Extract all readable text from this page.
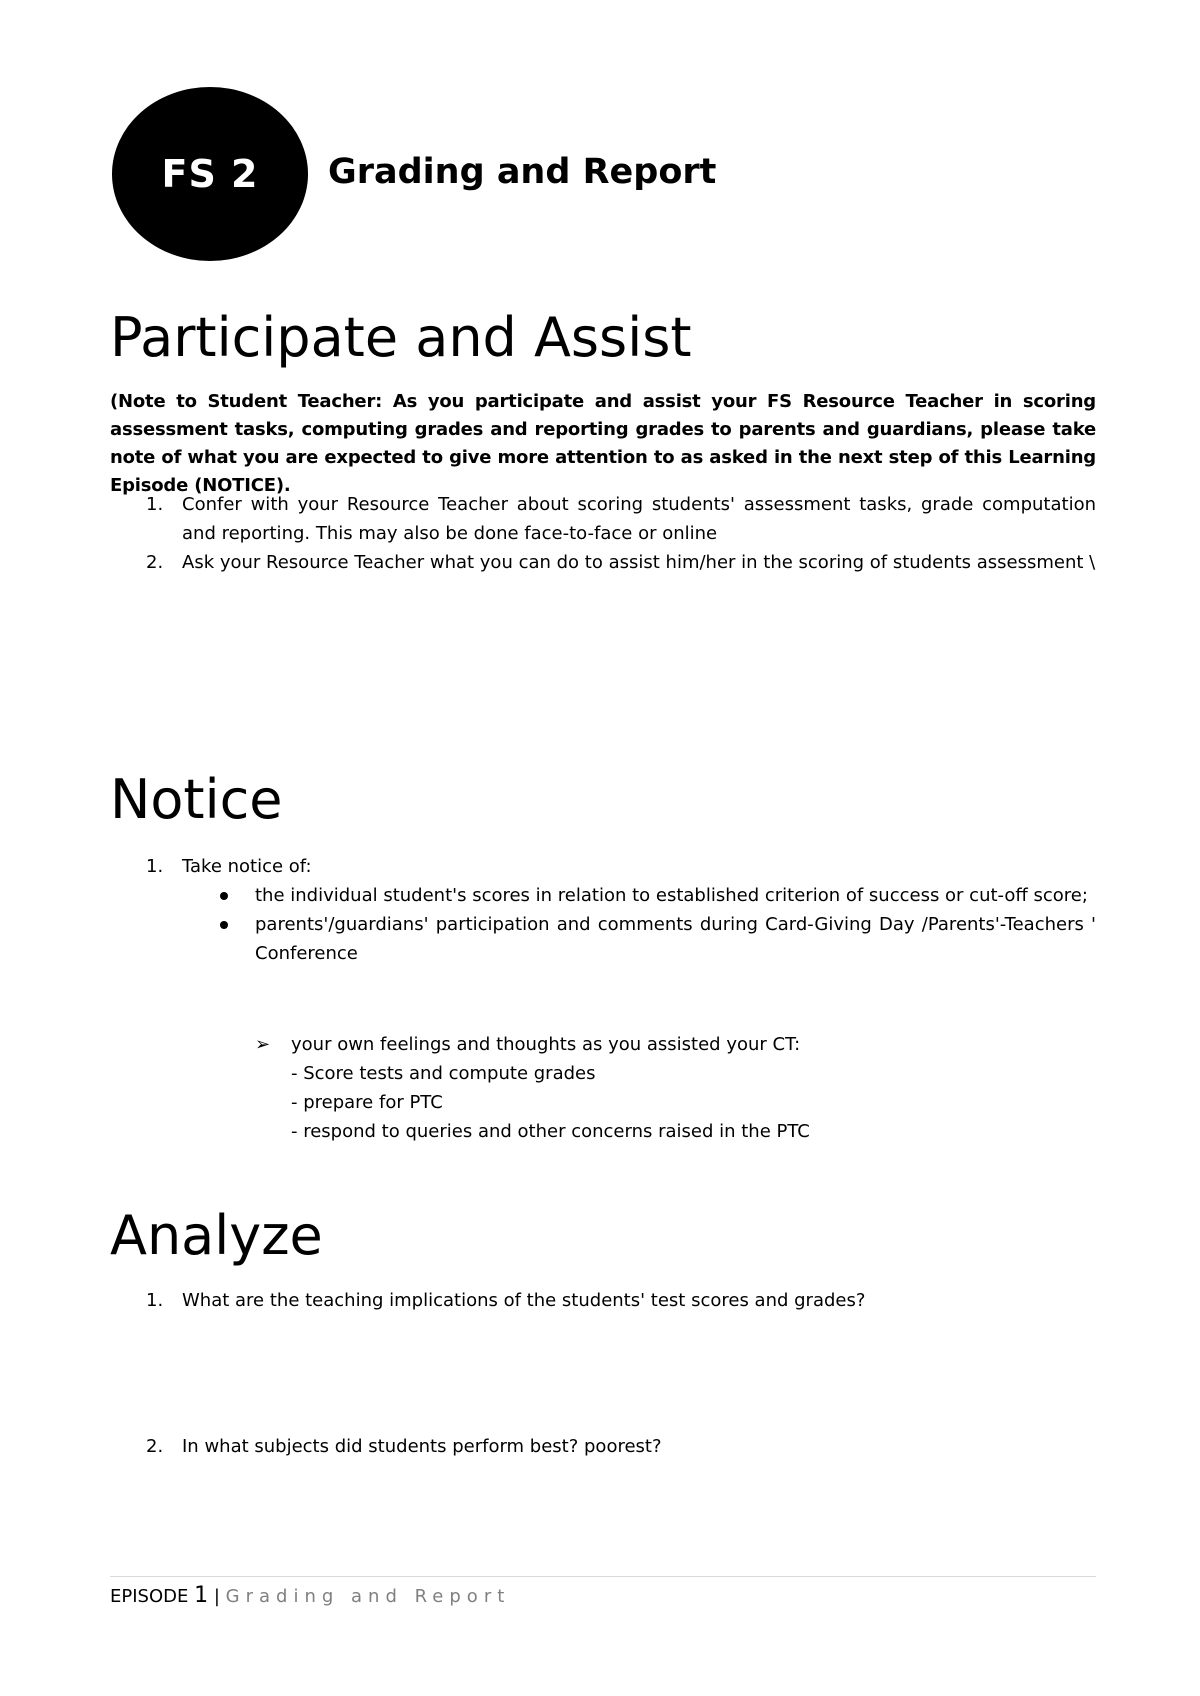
FS 2 Grading and Report
Participate and Assist
(Note to Student Teacher: As you participate and assist your FS Resource Teacher in scoring assessment tasks, computing grades and reporting grades to parents and guardians, please take note of what you are expected to give more attention to as asked in the next step of this Learning Episode (NOTICE).
1. Confer with your Resource Teacher about scoring students' assessment tasks, grade computation and reporting. This may also be done face-to-face or online
2. Ask your Resource Teacher what you can do to assist him/her in the scoring of students assessment \
Notice
1. Take notice of:
the individual student's scores in relation to established criterion of success or cut-off score;
parents'/guardians' participation and comments during Card-Giving Day /Parents'-Teachers ' Conference
➢ your own feelings and thoughts as you assisted your CT:
- Score tests and compute grades
- prepare for PTC
- respond to queries and other concerns raised in the PTC
Analyze
1. What are the teaching implications of the students' test scores and grades?
2. In what subjects did students perform best? poorest?
EPISODE 1 | Grading and Report
